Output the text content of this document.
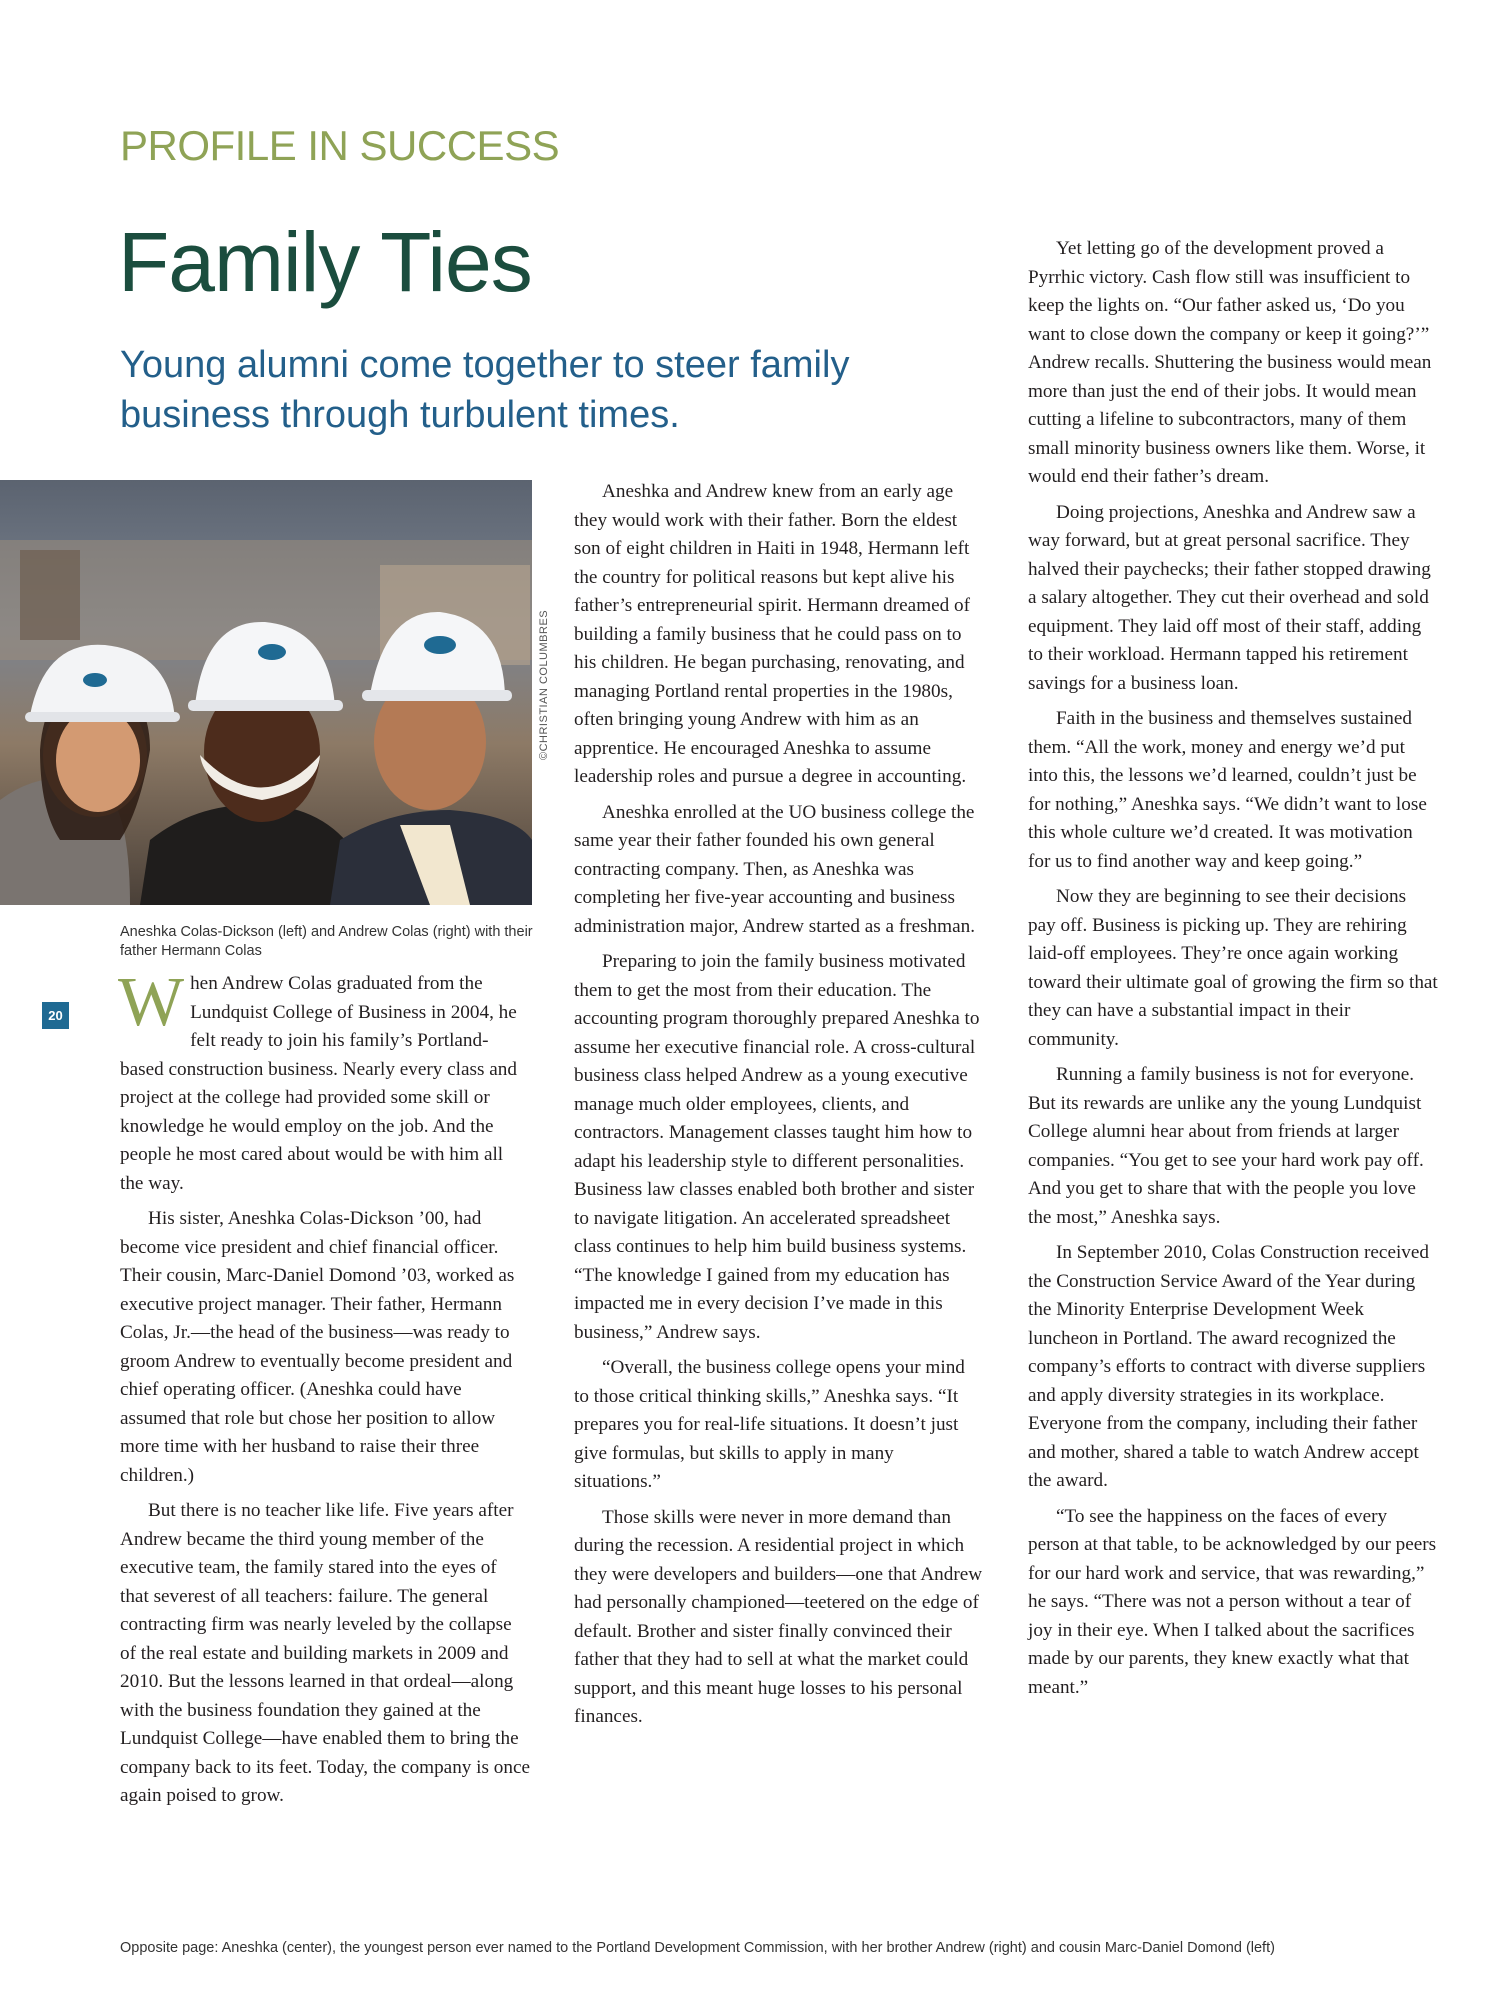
PROFILE IN SUCCESS
Family Ties
Young alumni come together to steer family business through turbulent times.
©CHRISTIAN COLUMBRES
Aneshka Colas-Dickson (left) and Andrew Colas (right) with their father Hermann Colas
20 When Andrew Colas graduated from the Lundquist College of Business in 2004, he felt ready to join his family’s Portland-based construction business. Nearly every class and project at the college had provided some skill or knowledge he would employ on the job. And the people he most cared about would be with him all the way.

His sister, Aneshka Colas-Dickson ’00, had become vice president and chief financial officer. Their cousin, Marc-Daniel Domond ’03, worked as executive project manager. Their father, Hermann Colas, Jr.—the head of the business—was ready to groom Andrew to eventually become president and chief operating officer. (Aneshka could have assumed that role but chose her position to allow more time with her husband to raise their three children.)

But there is no teacher like life. Five years after Andrew became the third young member of the executive team, the family stared into the eyes of that severest of all teachers: failure. The general contracting firm was nearly leveled by the collapse of the real estate and building markets in 2009 and 2010. But the lessons learned in that ordeal—along with the business foundation they gained at the Lundquist College—have enabled them to bring the company back to its feet. Today, the company is once again poised to grow.

Aneshka and Andrew knew from an early age they would work with their father. Born the eldest son of eight children in Haiti in 1948, Hermann left the country for political reasons but kept alive his father’s entrepreneurial spirit. Hermann dreamed of building a family business that he could pass on to his children. He began purchasing, renovating, and managing Portland rental properties in the 1980s, often bringing young Andrew with him as an apprentice. He encouraged Aneshka to assume leadership roles and pursue a degree in accounting.

Aneshka enrolled at the UO business college the same year their father founded his own general contracting company. Then, as Aneshka was completing her five-year accounting and business administration major, Andrew started as a freshman.

Preparing to join the family business motivated them to get the most from their education. The accounting program thoroughly prepared Aneshka to assume her executive financial role. A cross-cultural business class helped Andrew as a young executive manage much older employees, clients, and contractors. Management classes taught him how to adapt his leadership style to different personalities. Business law classes enabled both brother and sister to navigate litigation. An accelerated spreadsheet class continues to help him build business systems. “The knowledge I gained from my education has impacted me in every decision I’ve made in this business,” Andrew says.

“Overall, the business college opens your mind to those critical thinking skills,” Aneshka says. “It prepares you for real-life situations. It doesn’t just give formulas, but skills to apply in many situations.”

Those skills were never in more demand than during the recession. A residential project in which they were developers and builders—one that Andrew had personally championed—teetered on the edge of default. Brother and sister finally convinced their father that they had to sell at what the market could support, and this meant huge losses to his personal finances.

Yet letting go of the development proved a Pyrrhic victory. Cash flow still was insufficient to keep the lights on. “Our father asked us, ‘Do you want to close down the company or keep it going?’” Andrew recalls. Shuttering the business would mean more than just the end of their jobs. It would mean cutting a lifeline to subcontractors, many of them small minority business owners like them. Worse, it would end their father’s dream.

Doing projections, Aneshka and Andrew saw a way forward, but at great personal sacrifice. They halved their paychecks; their father stopped drawing a salary altogether. They cut their overhead and sold equipment. They laid off most of their staff, adding to their workload. Hermann tapped his retirement savings for a business loan.

Faith in the business and themselves sustained them. “All the work, money and energy we’d put into this, the lessons we’d learned, couldn’t just be for nothing,” Aneshka says. “We didn’t want to lose this whole culture we’d created. It was motivation for us to find another way and keep going.”

Now they are beginning to see their decisions pay off. Business is picking up. They are rehiring laid-off employees. They’re once again working toward their ultimate goal of growing the firm so that they can have a substantial impact in their community.

Running a family business is not for everyone. But its rewards are unlike any the young Lundquist College alumni hear about from friends at larger companies. “You get to see your hard work pay off. And you get to share that with the people you love the most,” Aneshka says.

In September 2010, Colas Construction received the Construction Service Award of the Year during the Minority Enterprise Development Week luncheon in Portland. The award recognized the company’s efforts to contract with diverse suppliers and apply diversity strategies in its workplace. Everyone from the company, including their father and mother, shared a table to watch Andrew accept the award.

“To see the happiness on the faces of every person at that table, to be acknowledged by our peers for our hard work and service, that was rewarding,” he says. “There was not a person without a tear of joy in their eye. When I talked about the sacrifices made by our parents, they knew exactly what that meant.”

Opposite page: Aneshka (center), the youngest person ever named to the Portland Development Commission, with her brother Andrew (right) and cousin Marc-Daniel Domond (left)
